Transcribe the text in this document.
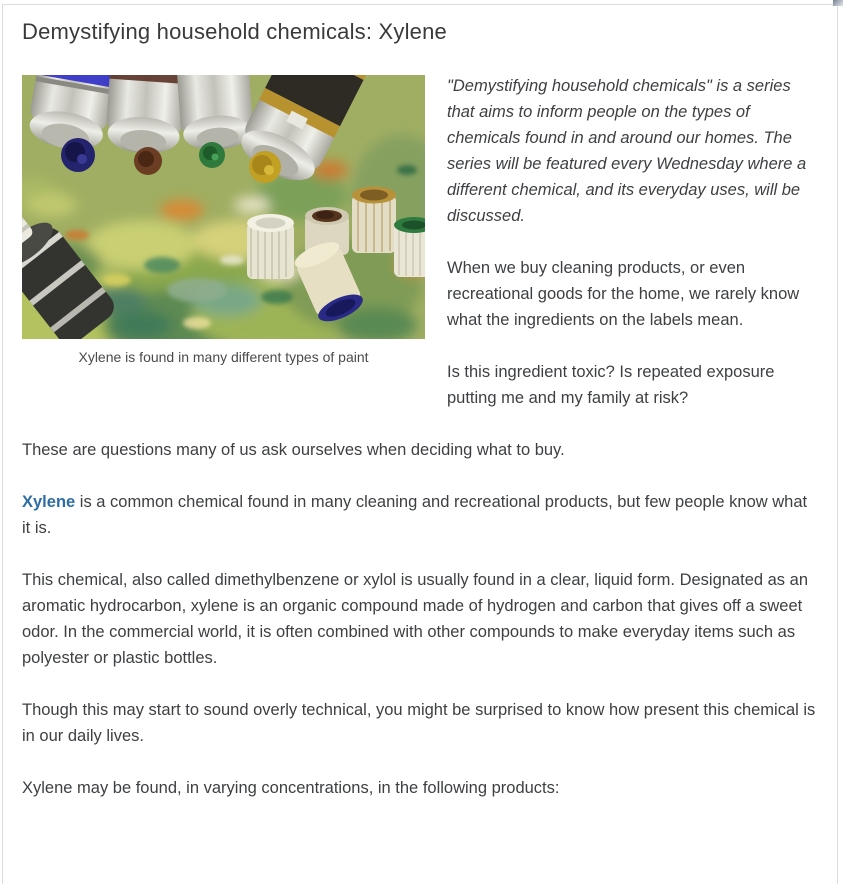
Demystifying household chemicals: Xylene
Xylene is found in many different types of paint

"Demystifying household chemicals" is a series that aims to inform people on the types of chemicals found in and around our homes. The series will be featured every Wednesday where a different chemical, and its everyday uses, will be discussed.

When we buy cleaning products, or even recreational goods for the home, we rarely know what the ingredients on the labels mean.

Is this ingredient toxic? Is repeated exposure putting me and my family at risk?

These are questions many of us ask ourselves when deciding what to buy.

Xylene is a common chemical found in many cleaning and recreational products, but few people know what it is.

This chemical, also called dimethylbenzene or xylol is usually found in a clear, liquid form. Designated as an aromatic hydrocarbon, xylene is an organic compound made of hydrogen and carbon that gives off a sweet odor. In the commercial world, it is often combined with other compounds to make everyday items such as polyester or plastic bottles.

Though this may start to sound overly technical, you might be surprised to know how present this chemical is in our daily lives.

Xylene may be found, in varying concentrations, in the following products:
